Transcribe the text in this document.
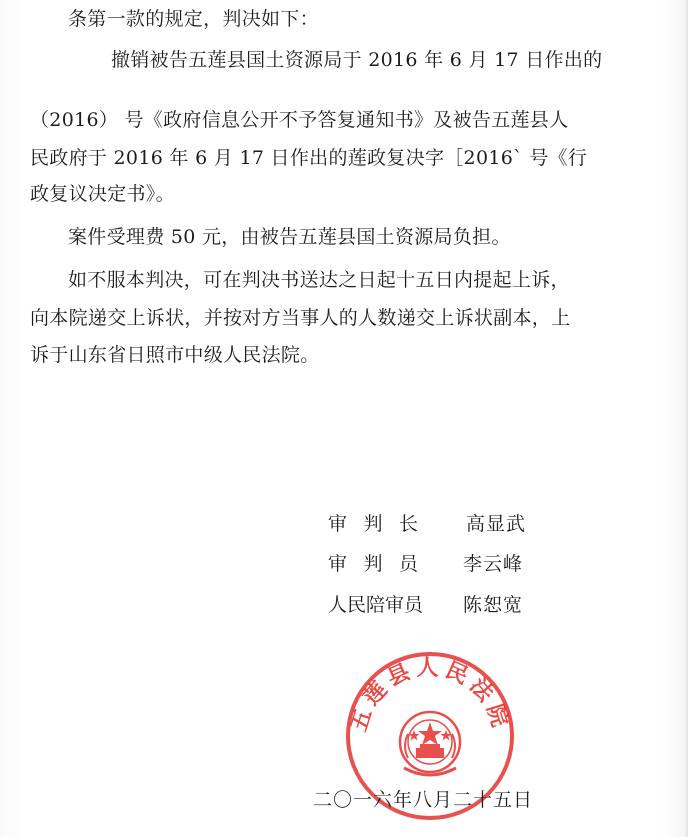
条第一款的规定，判决如下：
撤销被告五莲县国土资源局于 2016 年 6 月 17 日作出的
（2016） 号《政府信息公开不予答复通知书》及被告五莲县人
民政府于 2016 年 6 月 17 日作出的莲政复决字［2016` 号《行
政复议决定书》。
案件受理费 50 元，由被告五莲县国土资源局负担。
如不服本判决，可在判决书送达之日起十五日内提起上诉，
向本院递交上诉状，并按对方当事人的人数递交上诉状副本，上
诉于山东省日照市中级人民法院。
审 判 长	高显武
审 判 员 李云峰
人民陪审员	陈恕宽
五莲县人民法院
二〇一六年八月二十五日
